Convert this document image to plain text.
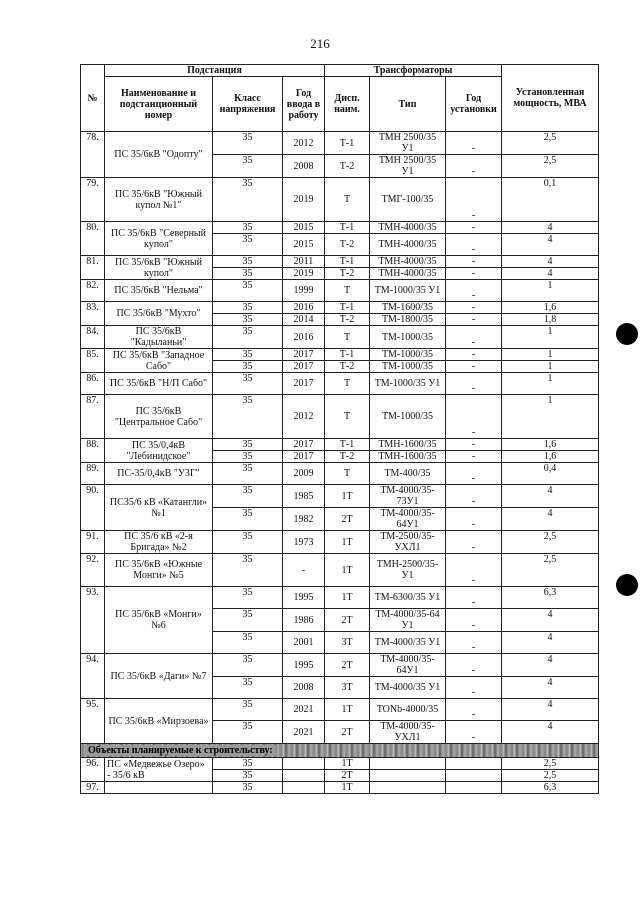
216
№	Подстанция			Трансформаторы			Установленная мощность, МВА
	Наименование и подстанционный номер	Класс напряжения	Год ввода в работу	Дисп. наим.	Тип	Год установки	
78.	ПС 35/6кВ "Одопту"	35	2012	Т-1	ТМН 2500/35 У1	-	2,5
		35	2008	Т-2	ТМН 2500/35 У1	-	2,5
79.	ПС 35/6кВ "Южный купол №1"	35	2019	Т	ТМГ-100/35	-	0,1
80.	ПС 35/6кВ "Северный купол"	35	2015	Т-1	ТМН-4000/35	-	4
		35	2015	Т-2	ТМН-4000/35	-	4
81.	ПС 35/6кВ "Южный купол"	35	2011	Т-1	ТМН-4000/35	-	4
		35	2019	Т-2	ТМН-4000/35	-	4
82.	ПС 35/6кВ "Нельма"	35	1999	Т	ТМ-1000/35 У1	-	1
83.	ПС 35/6кВ "Мухто"	35	2016	Т-1	ТМ-1600/35	-	1,6
		35	2014	Т-2	ТМ-1800/35	-	1,8
84.	ПС 35/6кВ "Кадыланьи"	35	2016	Т	ТМ-1000/35	-	1
85.	ПС 35/6кВ "Западное Сабо"	35	2017	Т-1	ТМ-1000/35	-	1
		35	2017	Т-2	ТМ-1000/35	-	1
86.	ПС 35/6кВ "Н/П Сабо"	35	2017	Т	ТМ-1000/35 У1	-	1
87.	ПС 35/6кВ "Центральное Сабо"	35	2012	Т	ТМ-1000/35	-	1
88.	ПС 35/0,4кВ "Лебинидское"	35	2017	Т-1	ТМН-1600/35	-	1,6
		35	2017	Т-2	ТМН-1600/35	-	1,6
89.	ПС-35/0,4кВ "УЗГ"	35	2009	Т	ТМ-400/35	-	0,4
90.	ПС35/6 кВ «Катангли» №1	35	1985	1Т	ТМ-4000/35-73У1	-	4
		35	1982	2Т	ТМ-4000/35-64У1	-	4
91.	ПС 35/6 кВ «2-я Бригада» №2	35	1973	1Т	ТМ-2500/35-УХЛ1	-	2,5
92.	ПС 35/6кВ «Южные Монги» №5	35	-	1Т	ТМН-2500/35-У1	-	2,5
93.	ПС 35/6кВ «Монги» №6	35	1995	1Т	ТМ-6300/35 У1	-	6,3
		35	1986	2Т	ТМ-4000/35-64 У1	-	4
		35	2001	3Т	ТМ-4000/35 У1	-	4
94.	ПС 35/6кВ «Даги» №7	35	1995	2Т	ТМ-4000/35-64У1	-	4
		35	2008	3Т	ТМ-4000/35 У1	-	4
95.	ПС 35/6кВ «Мирзоева»	35	2021	1Т	TONb-4000/35	-	4
		35	2021	2Т	ТМ-4000/35-УХЛ1	-	4
Объекты планируемые к строительству:							
96.	ПС «Медвежье Озеро» - 35/6 кВ	35		1Т			2,5
		35		2Т			2,5
97.		35		1Т			6,3
